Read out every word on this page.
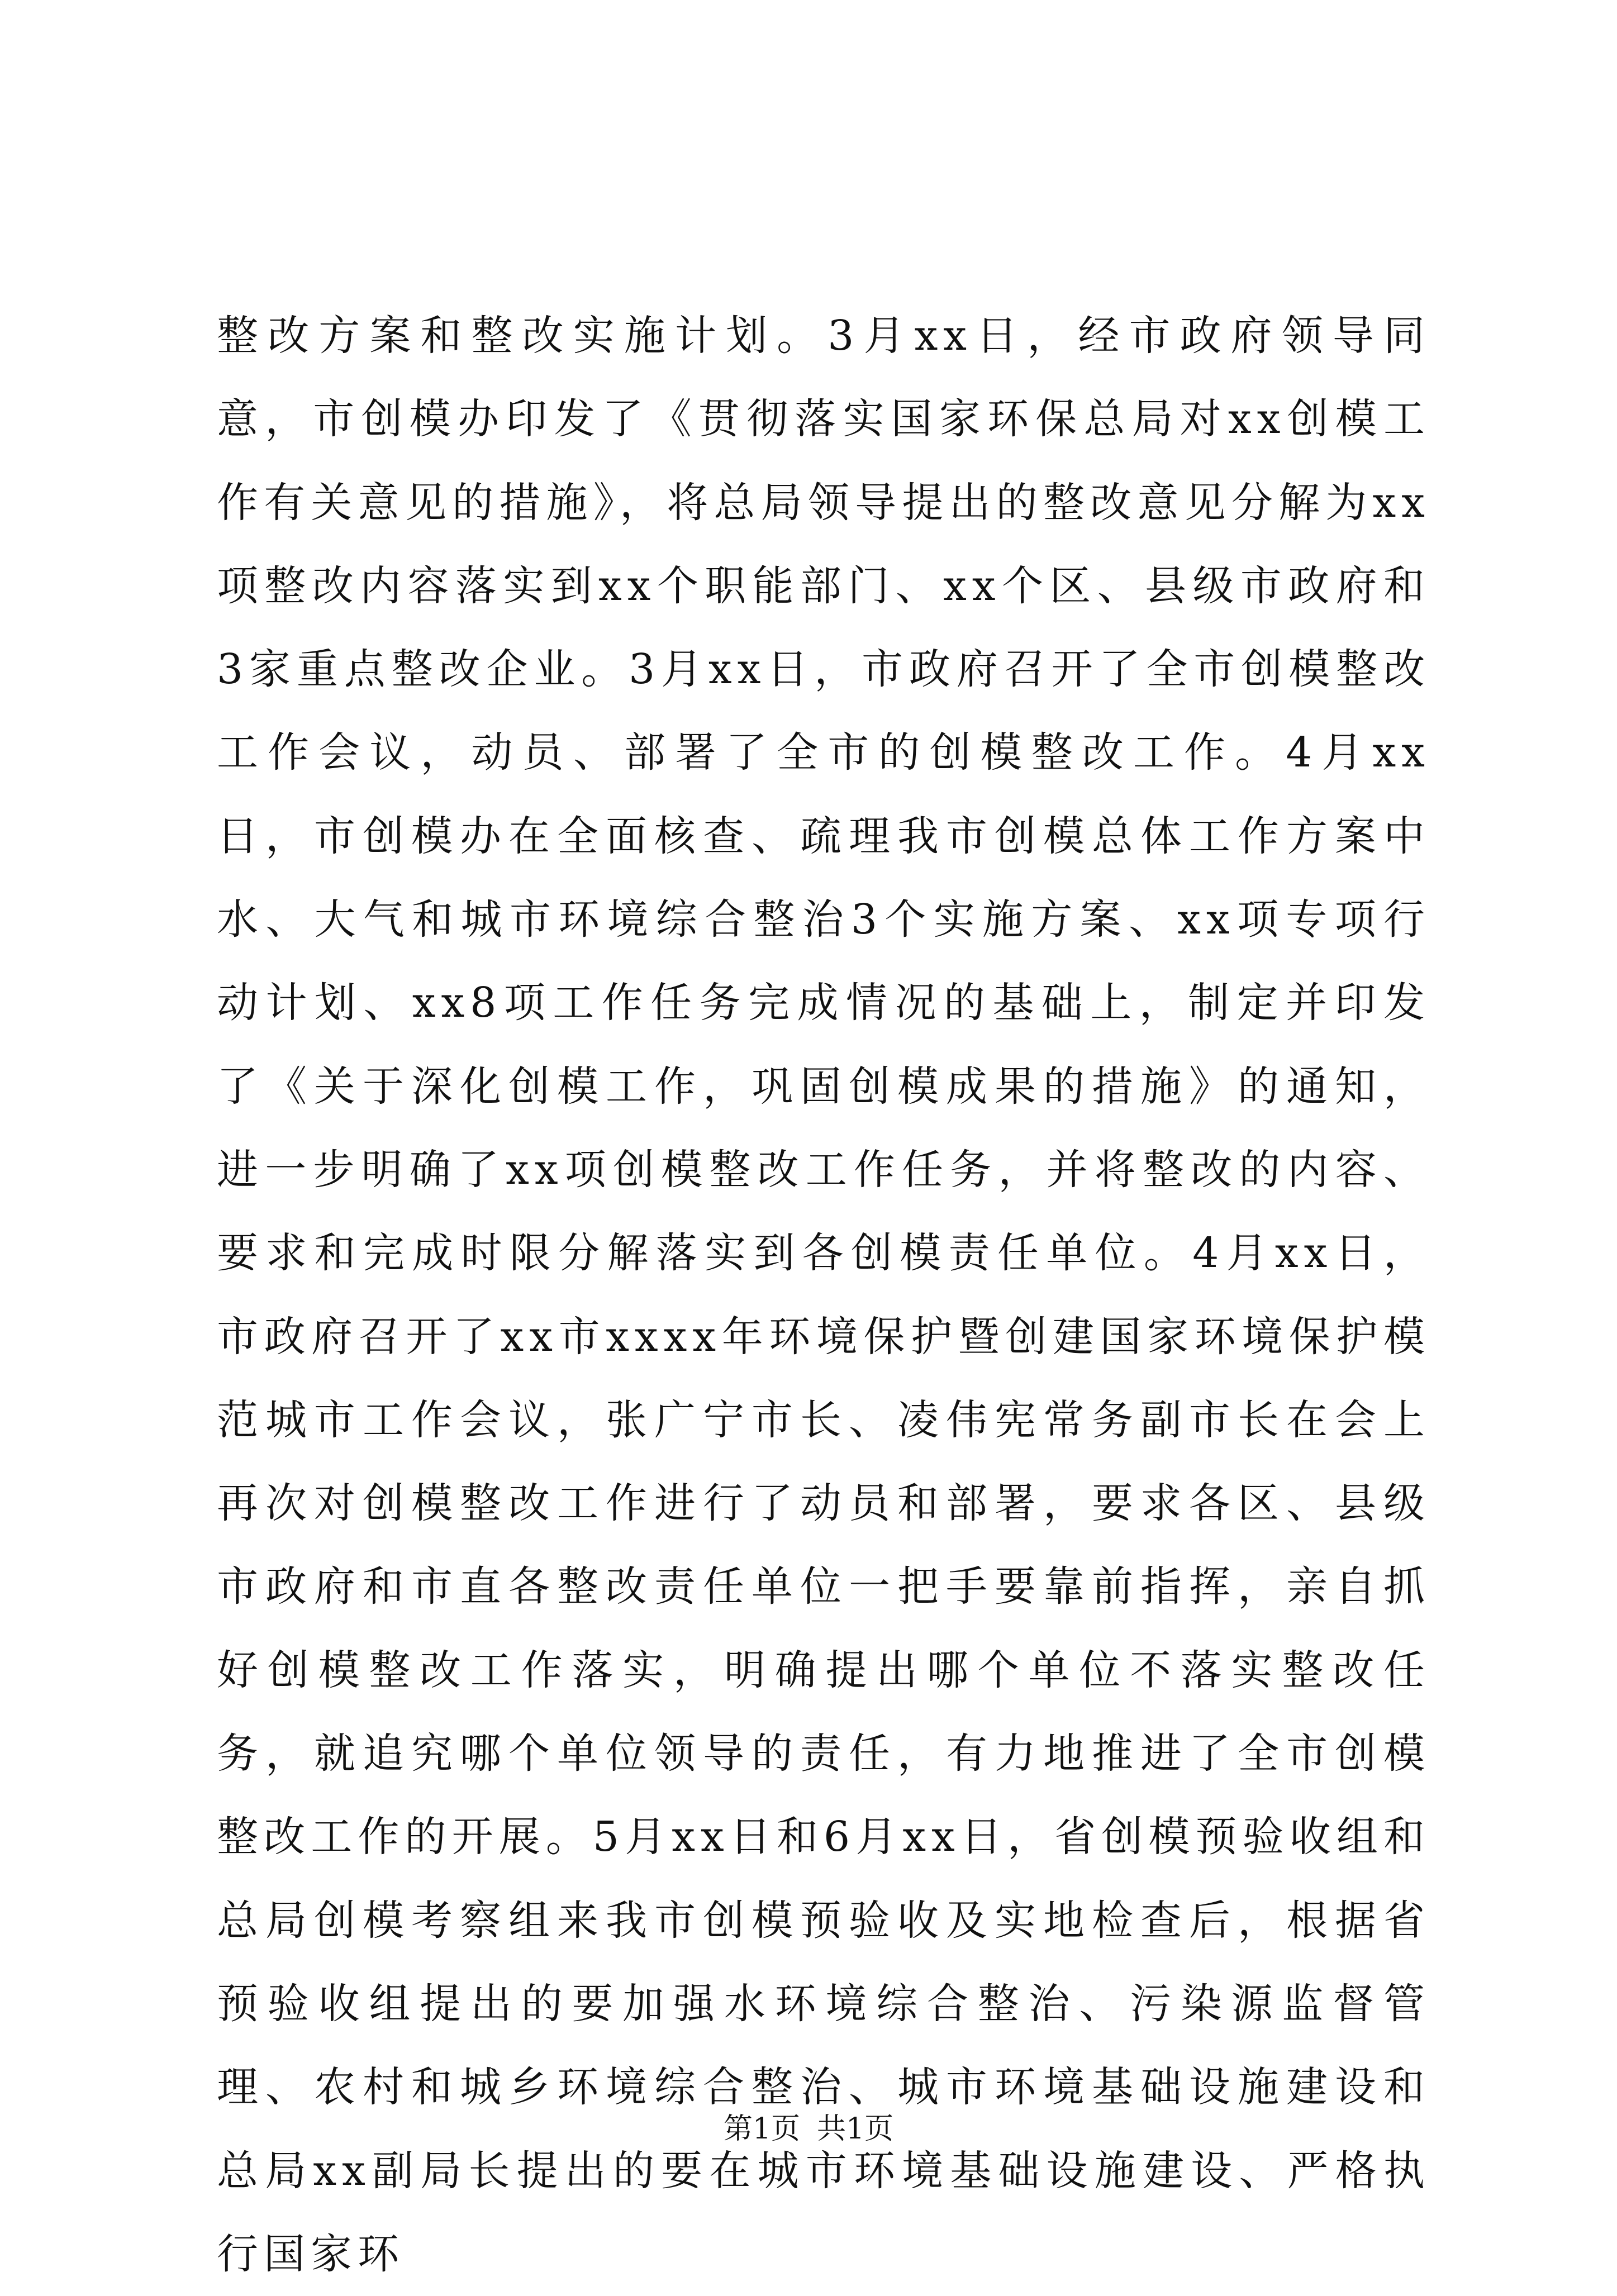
整改方案和整改实施计划。3月xx日，经市政府领导同意，市创模办印发了《贯彻落实国家环保总局对xx创模工作有关意见的措施》，将总局领导提出的整改意见分解为xx项整改内容落实到xx个职能部门、xx个区、县级市政府和3家重点整改企业。3月xx日，市政府召开了全市创模整改工作会议，动员、部署了全市的创模整改工作。4月xx日，市创模办在全面核查、疏理我市创模总体工作方案中水、大气和城市环境综合整治3个实施方案、xx项专项行动计划、xx8项工作任务完成情况的基础上，制定并印发了《关于深化创模工作，巩固创模成果的措施》的通知，进一步明确了xx项创模整改工作任务，并将整改的内容、要求和完成时限分解落实到各创模责任单位。4月xx日，市政府召开了xx市xxxx年环境保护暨创建国家环境保护模范城市工作会议，张广宁市长、凌伟宪常务副市长在会上再次对创模整改工作进行了动员和部署，要求各区、县级市政府和市直各整改责任单位一把手要靠前指挥，亲自抓好创模整改工作落实，明确提出哪个单位不落实整改任务，就追究哪个单位领导的责任，有力地推进了全市创模整改工作的开展。5月xx日和6月xx日，省创模预验收组和总局创模考察组来我市创模预验收及实地检查后，根据省预验收组提出的要加强水环境综合整治、污染源监督管理、农村和城乡环境综合整治、城市环境基础设施建设和总局xx副局长提出的要在城市环境基础设施建设、严格执行国家环

第1页 共1页
